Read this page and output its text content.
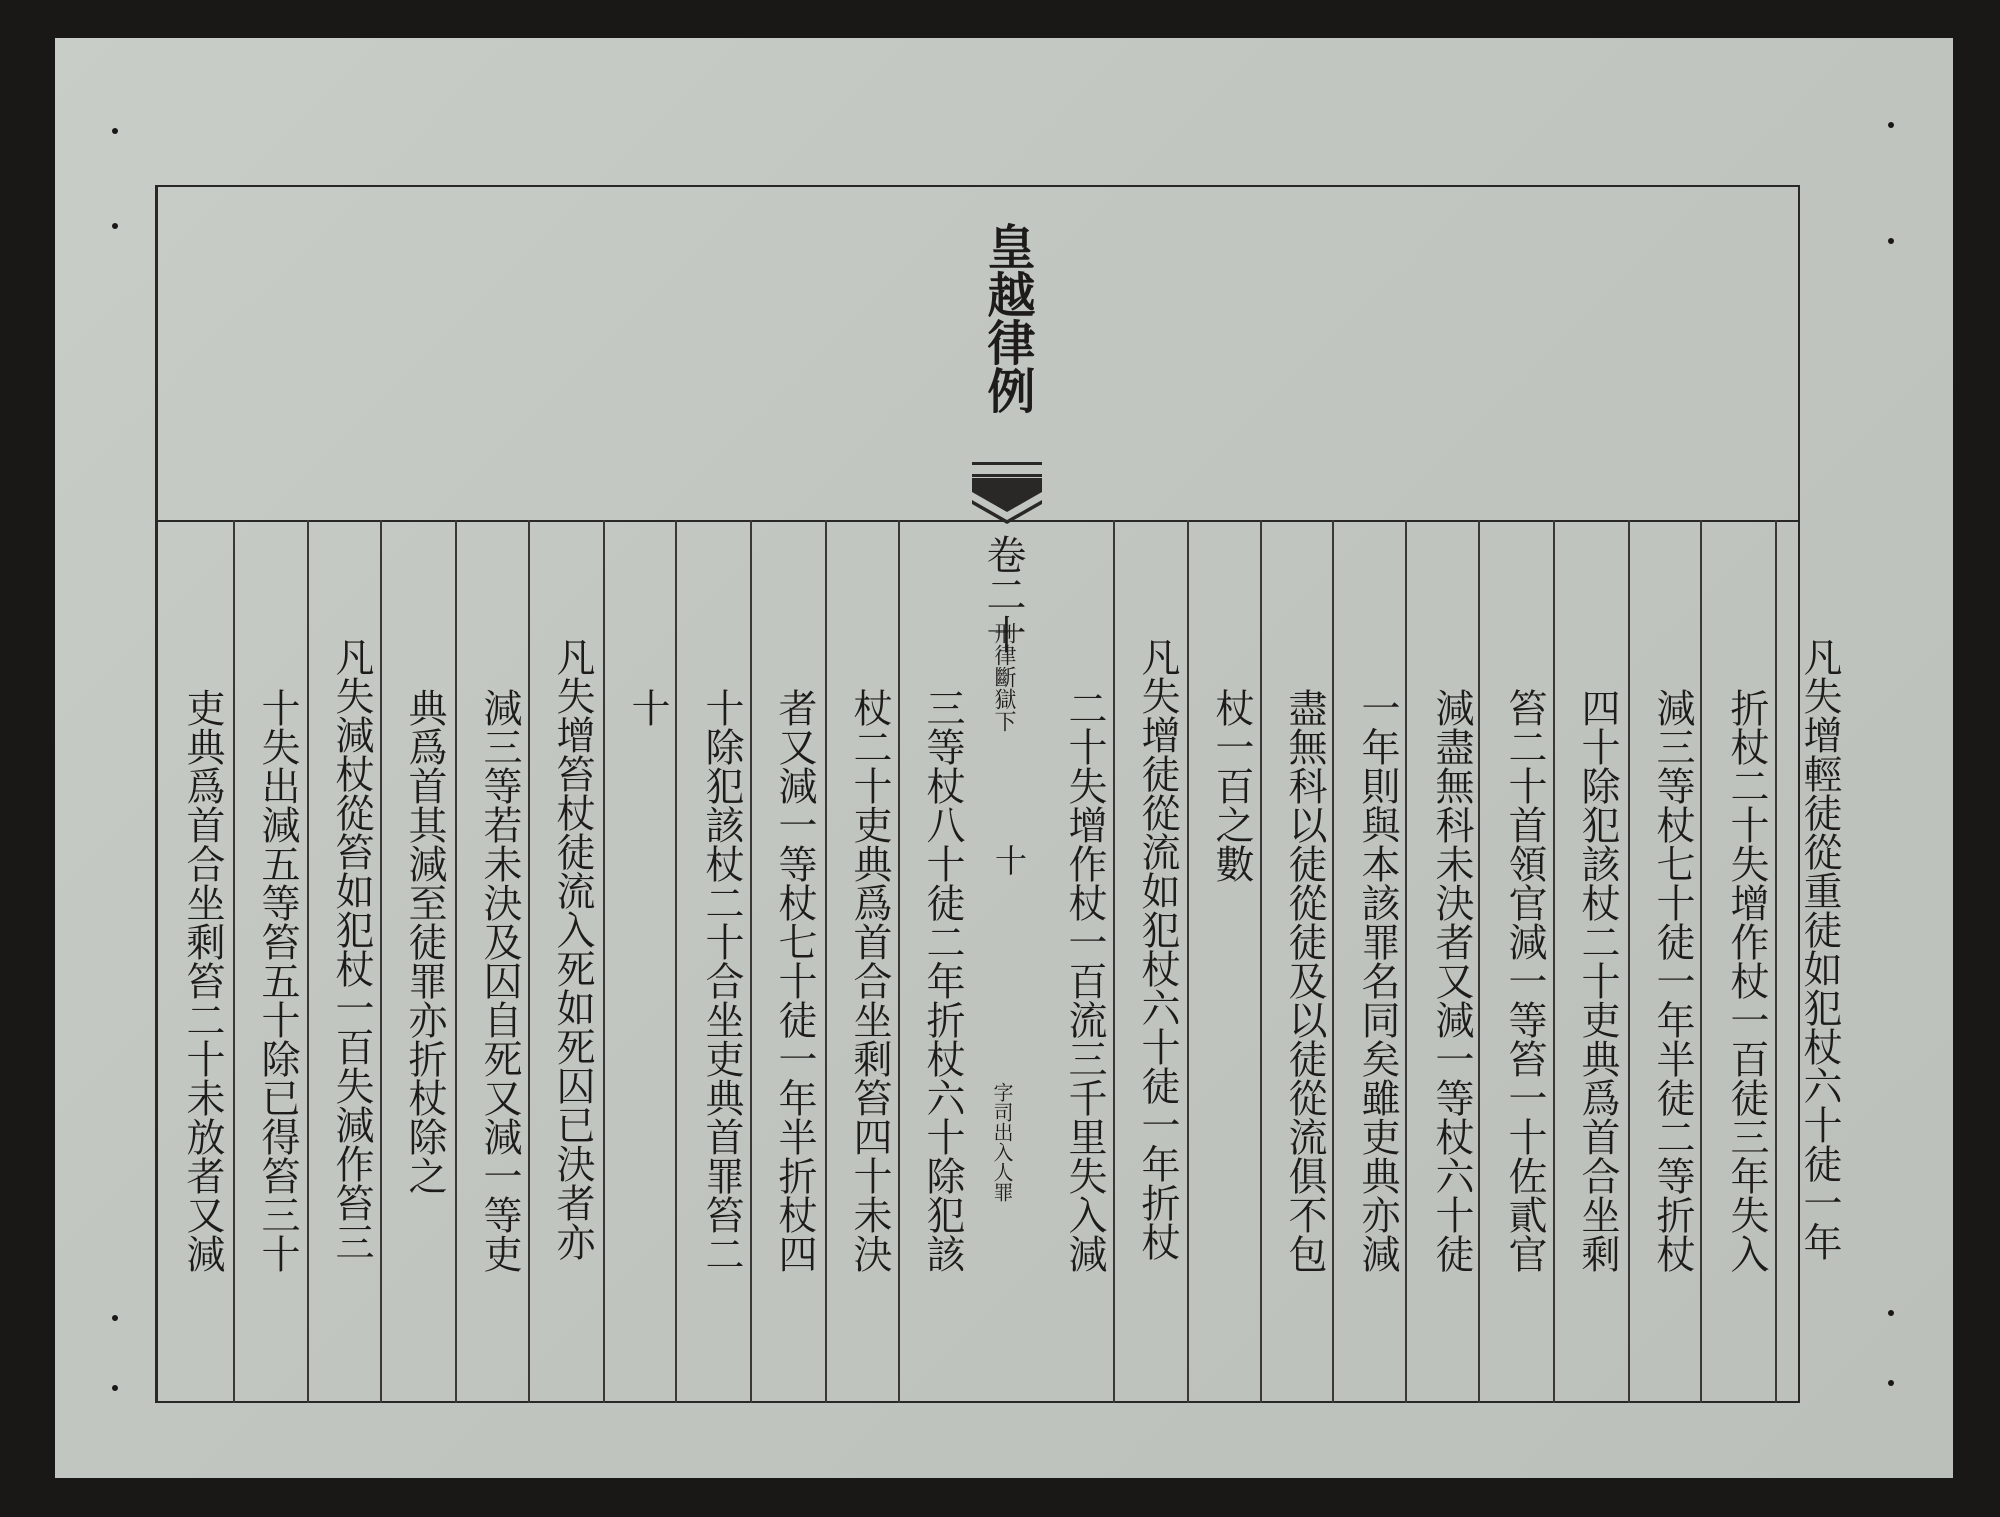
皇越律例
卷二十
刑律斷獄下
十
字司出入人罪	凡失增輕徒從重徒如犯杖六十徒一年
折杖二十失增作杖一百徒三年失入
減三等杖七十徒一年半徒二等折杖
四十除犯該杖二十吏典爲首合坐剩
笞二十首領官減一等笞一十佐貳官
減盡無科未決者又減一等杖六十徒
一年則與本該罪名同矣雖吏典亦減
盡無科以徒從徒及以徒從流俱不包
杖一百之數
凡失增徒從流如犯杖六十徒一年折杖
二十失增作杖一百流三千里失入減
三等杖八十徒二年折杖六十除犯該
杖二十吏典爲首合坐剩笞四十未決
者又減一等杖七十徒一年半折杖四
十除犯該杖二十合坐吏典首罪笞二
十
凡失增笞杖徒流入死如死囚已決者亦
減三等若未決及囚自死又減一等吏
典爲首其減至徒罪亦折杖除之
凡失減杖從笞如犯杖一百失減作笞三
十失出減五等笞五十除已得笞三十
吏典爲首合坐剩笞二十未放者又減
